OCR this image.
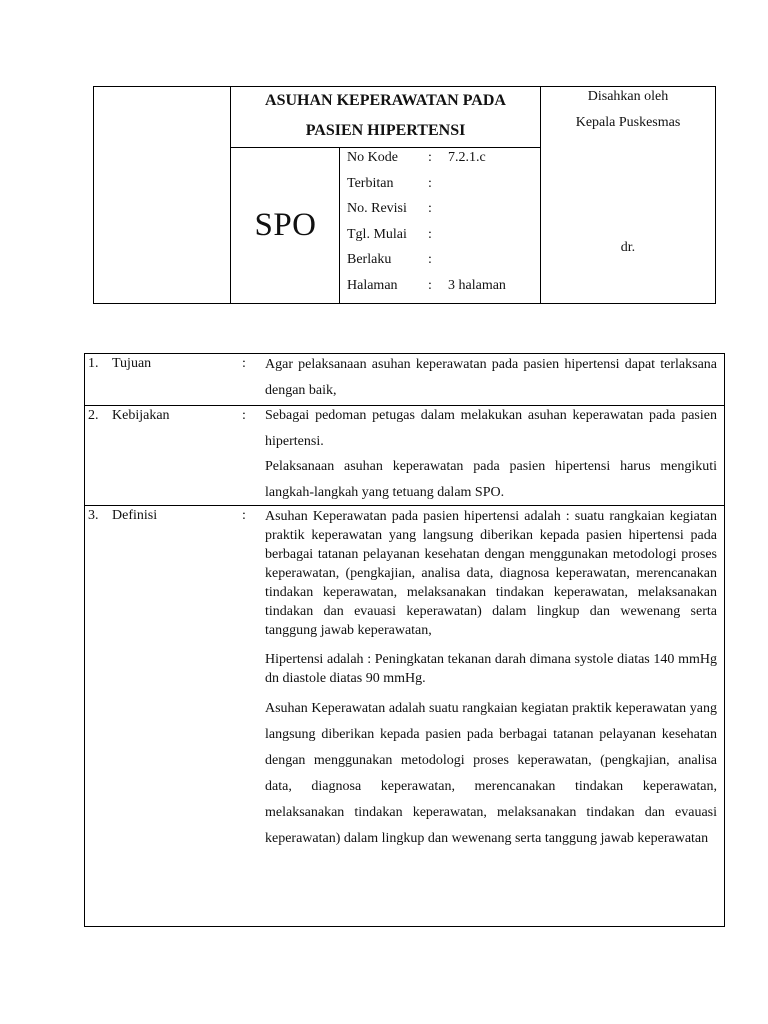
ASUHAN KEPERAWATAN PADA
PASIEN HIPERTENSI
SPO
No Kode	:	7.2.1.c
Terbitan	:
No. Revisi	:
Tgl. Mulai	:
Berlaku	:
Halaman	:	3 halaman
Disahkan oleh
Kepala Puskesmas
dr.
1. Tujuan	: Agar pelaksanaan asuhan keperawatan pada pasien hipertensi dapat terlaksana dengan baik,

2. Kebijakan	: Sebagai pedoman petugas dalam melakukan asuhan keperawatan pada pasien hipertensi.

Pelaksanaan asuhan keperawatan pada pasien hipertensi harus mengikuti langkah-langkah yang tetuang dalam SPO.

3. Definisi	: Asuhan Keperawatan pada pasien hipertensi adalah : suatu rangkaian kegiatan praktik keperawatan yang langsung diberikan kepada pasien hipertensi pada berbagai tatanan pelayanan kesehatan dengan menggunakan metodologi proses keperawatan, (pengkajian, analisa data, diagnosa keperawatan, merencanakan tindakan keperawatan, melaksanakan tindakan keperawatan, melaksanakan tindakan dan evauasi keperawatan) dalam lingkup dan wewenang serta tanggung jawab keperawatan,

Hipertensi adalah : Peningkatan tekanan darah dimana systole diatas 140 mmHg dn diastole diatas 90 mmHg.

Asuhan Keperawatan adalah suatu rangkaian kegiatan praktik keperawatan yang langsung diberikan kepada pasien pada berbagai tatanan pelayanan kesehatan dengan menggunakan metodologi proses keperawatan, (pengkajian, analisa data, diagnosa keperawatan, merencanakan tindakan keperawatan, melaksanakan tindakan keperawatan, melaksanakan tindakan dan evauasi keperawatan) dalam lingkup dan wewenang serta tanggung jawab keperawatan
